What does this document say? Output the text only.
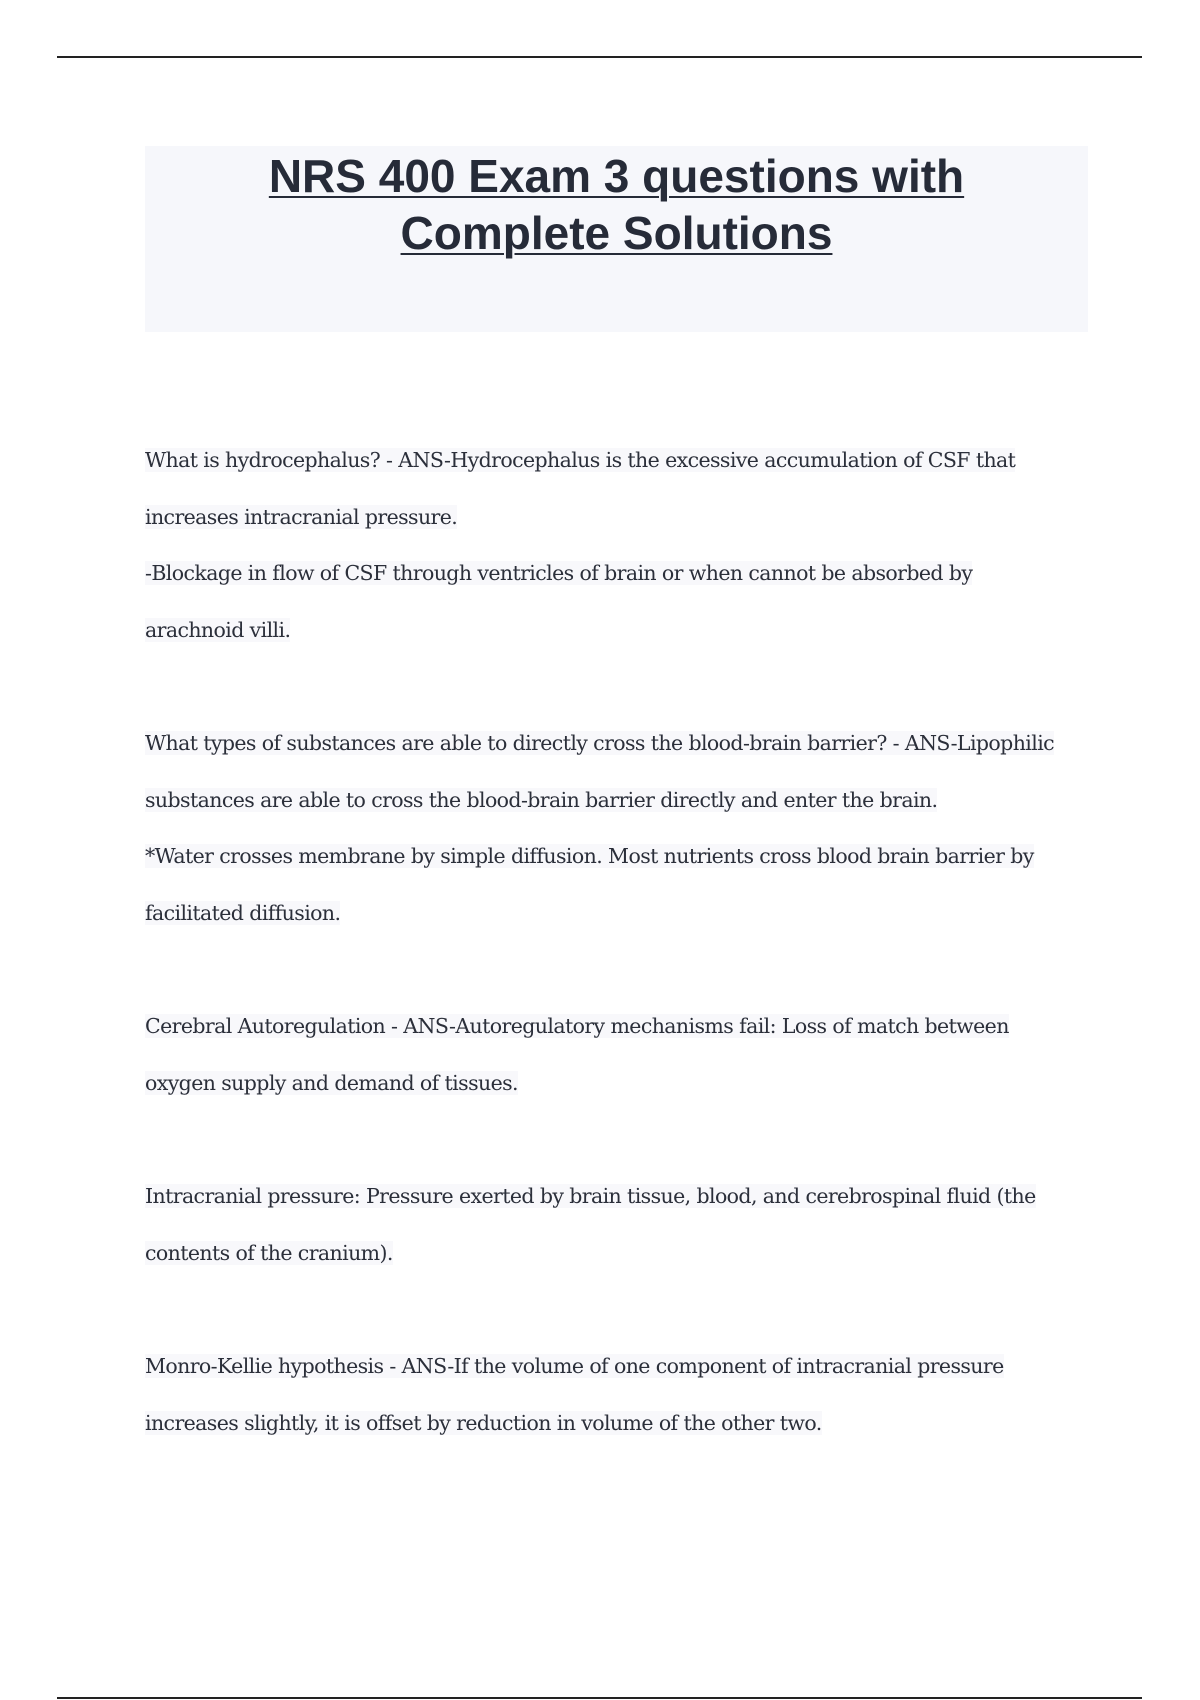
NRS 400 Exam 3 questions with
Complete Solutions

What is hydrocephalus? - ANS-Hydrocephalus is the excessive accumulation of CSF that

increases intracranial pressure.

-Blockage in flow of CSF through ventricles of brain or when cannot be absorbed by

arachnoid villi.

What types of substances are able to directly cross the blood-brain barrier? - ANS-Lipophilic

substances are able to cross the blood-brain barrier directly and enter the brain.

*Water crosses membrane by simple diffusion. Most nutrients cross blood brain barrier by

facilitated diffusion.

Cerebral Autoregulation - ANS-Autoregulatory mechanisms fail: Loss of match between

oxygen supply and demand of tissues.

Intracranial pressure: Pressure exerted by brain tissue, blood, and cerebrospinal fluid (the

contents of the cranium).

Monro-Kellie hypothesis - ANS-If the volume of one component of intracranial pressure

increases slightly, it is offset by reduction in volume of the other two.
